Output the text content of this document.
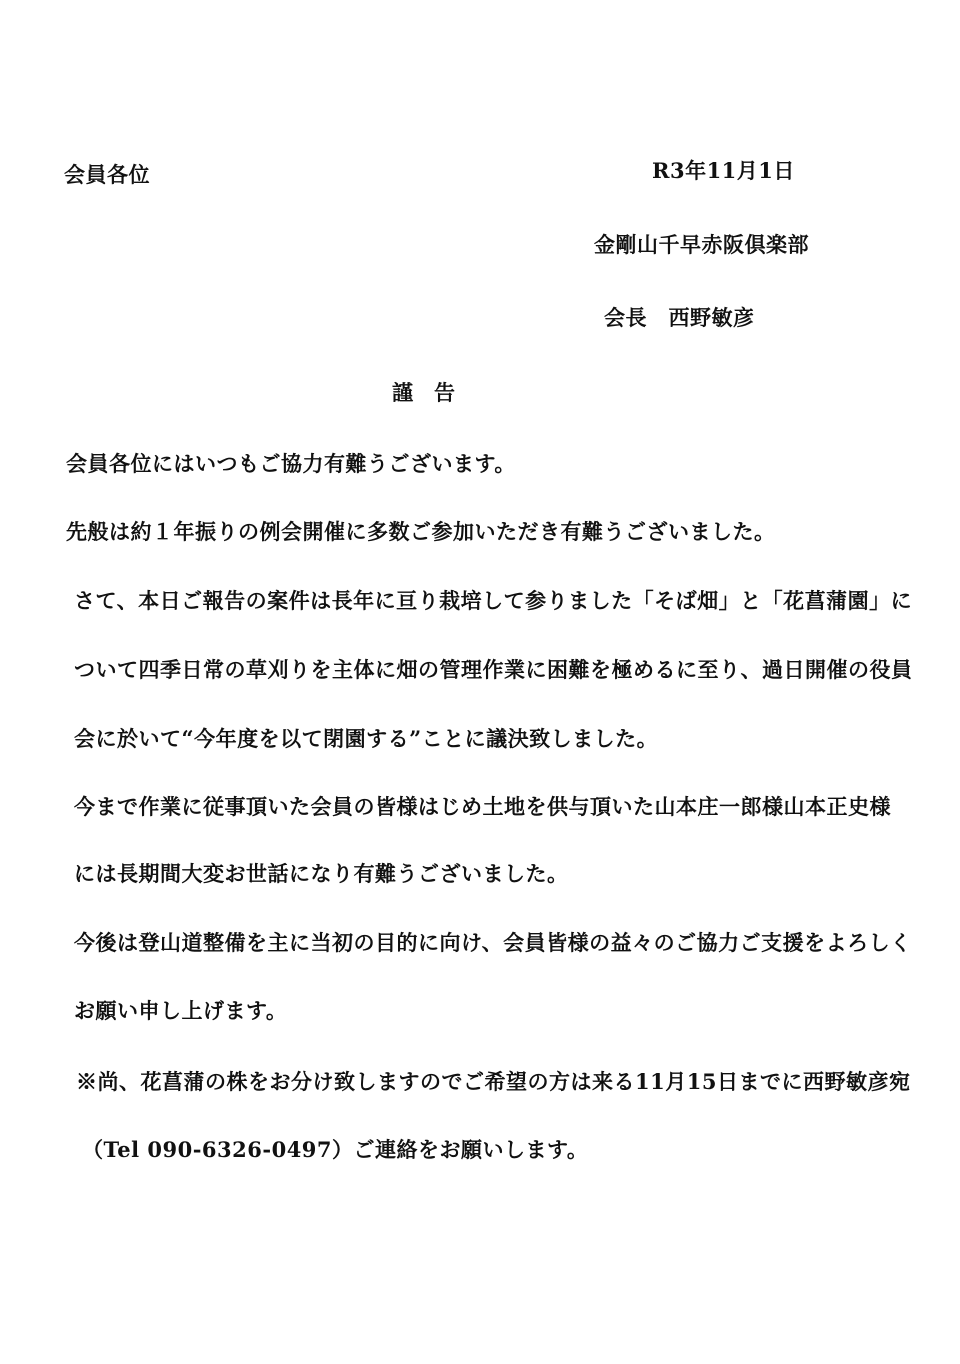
会員各位	R3年11月1日
金剛山千早赤阪倶楽部
会長　西野敏彦
謹　告
会員各位にはいつもご協力有難うございます。
先般は約１年振りの例会開催に多数ご参加いただき有難うございました。
さて、本日ご報告の案件は長年に亘り栽培して参りました「そば畑」と「花菖蒲園」に
ついて四季日常の草刈りを主体に畑の管理作業に困難を極めるに至り、過日開催の役員
会に於いて“今年度を以て閉園する”ことに議決致しました。
今まで作業に従事頂いた会員の皆様はじめ土地を供与頂いた山本庄一郎様山本正史様
には長期間大変お世話になり有難うございました。
今後は登山道整備を主に当初の目的に向け、会員皆様の益々のご協力ご支援をよろしく
お願い申し上げます。
※尚、花菖蒲の株をお分け致しますのでご希望の方は来る11月15日までに西野敏彦宛
（Tel 090-6326-0497）ご連絡をお願いします。
